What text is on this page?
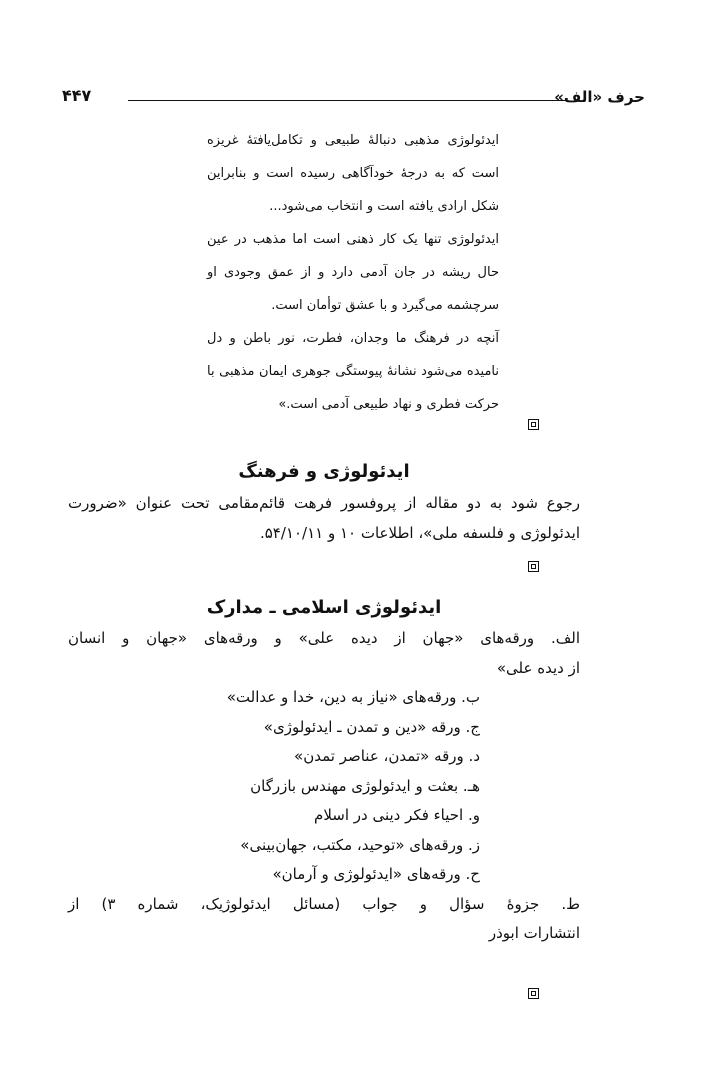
حرف «الف»
۴۴۷

ایدئولوژی مذهبی دنبالهٔ طبیعی و تکامل‌یافتهٔ غریزه است که به درجهٔ خودآگاهی رسیده است و بنابراین شکل ارادی یافته است و انتخاب می‌شود...

ایدئولوژی تنها یک کار ذهنی است اما مذهب در عین حال ریشه در جان آدمی دارد و از عمق وجودی او سرچشمه می‌گیرد و با عشق توأمان است.

آنچه در فرهنگ ما وجدان، فطرت، نور باطن و دل نامیده می‌شود نشانهٔ پیوستگی جوهری ایمان مذهبی با حرکت فطری و نهاد طبیعی آدمی است.»

ایدئولوژی و فرهنگ
رجوع شود به دو مقاله از پروفسور فرهت قائم‌مقامی تحت عنوان «ضرورت ایدئولوژی و فلسفه ملی»، اطلاعات ۱۰ و ۵۴/۱۰/۱۱.
ایدئولوژی اسلامی ـ مدارک
الف. ورقه‌های «جهان از دیده علی» و ورقه‌های «جهان و انسان
از دیده علی»
ب. ورقه‌های «نیاز به دین، خدا و عدالت»
ج. ورقه «دین و تمدن ـ ایدئولوژی»
د. ورقه «تمدن، عناصر تمدن»
هـ. بعثت و ایدئولوژی مهندس بازرگان
و. احیاء فکر دینی در اسلام
ز. ورقه‌های «توحید، مکتب، جهان‌بینی»
ح. ورقه‌های «ایدئولوژی و آرمان»
ط. جزوهٔ سؤال و جواب (مسائل ایدئولوژیک، شماره ۳) از
انتشارات ابوذر
